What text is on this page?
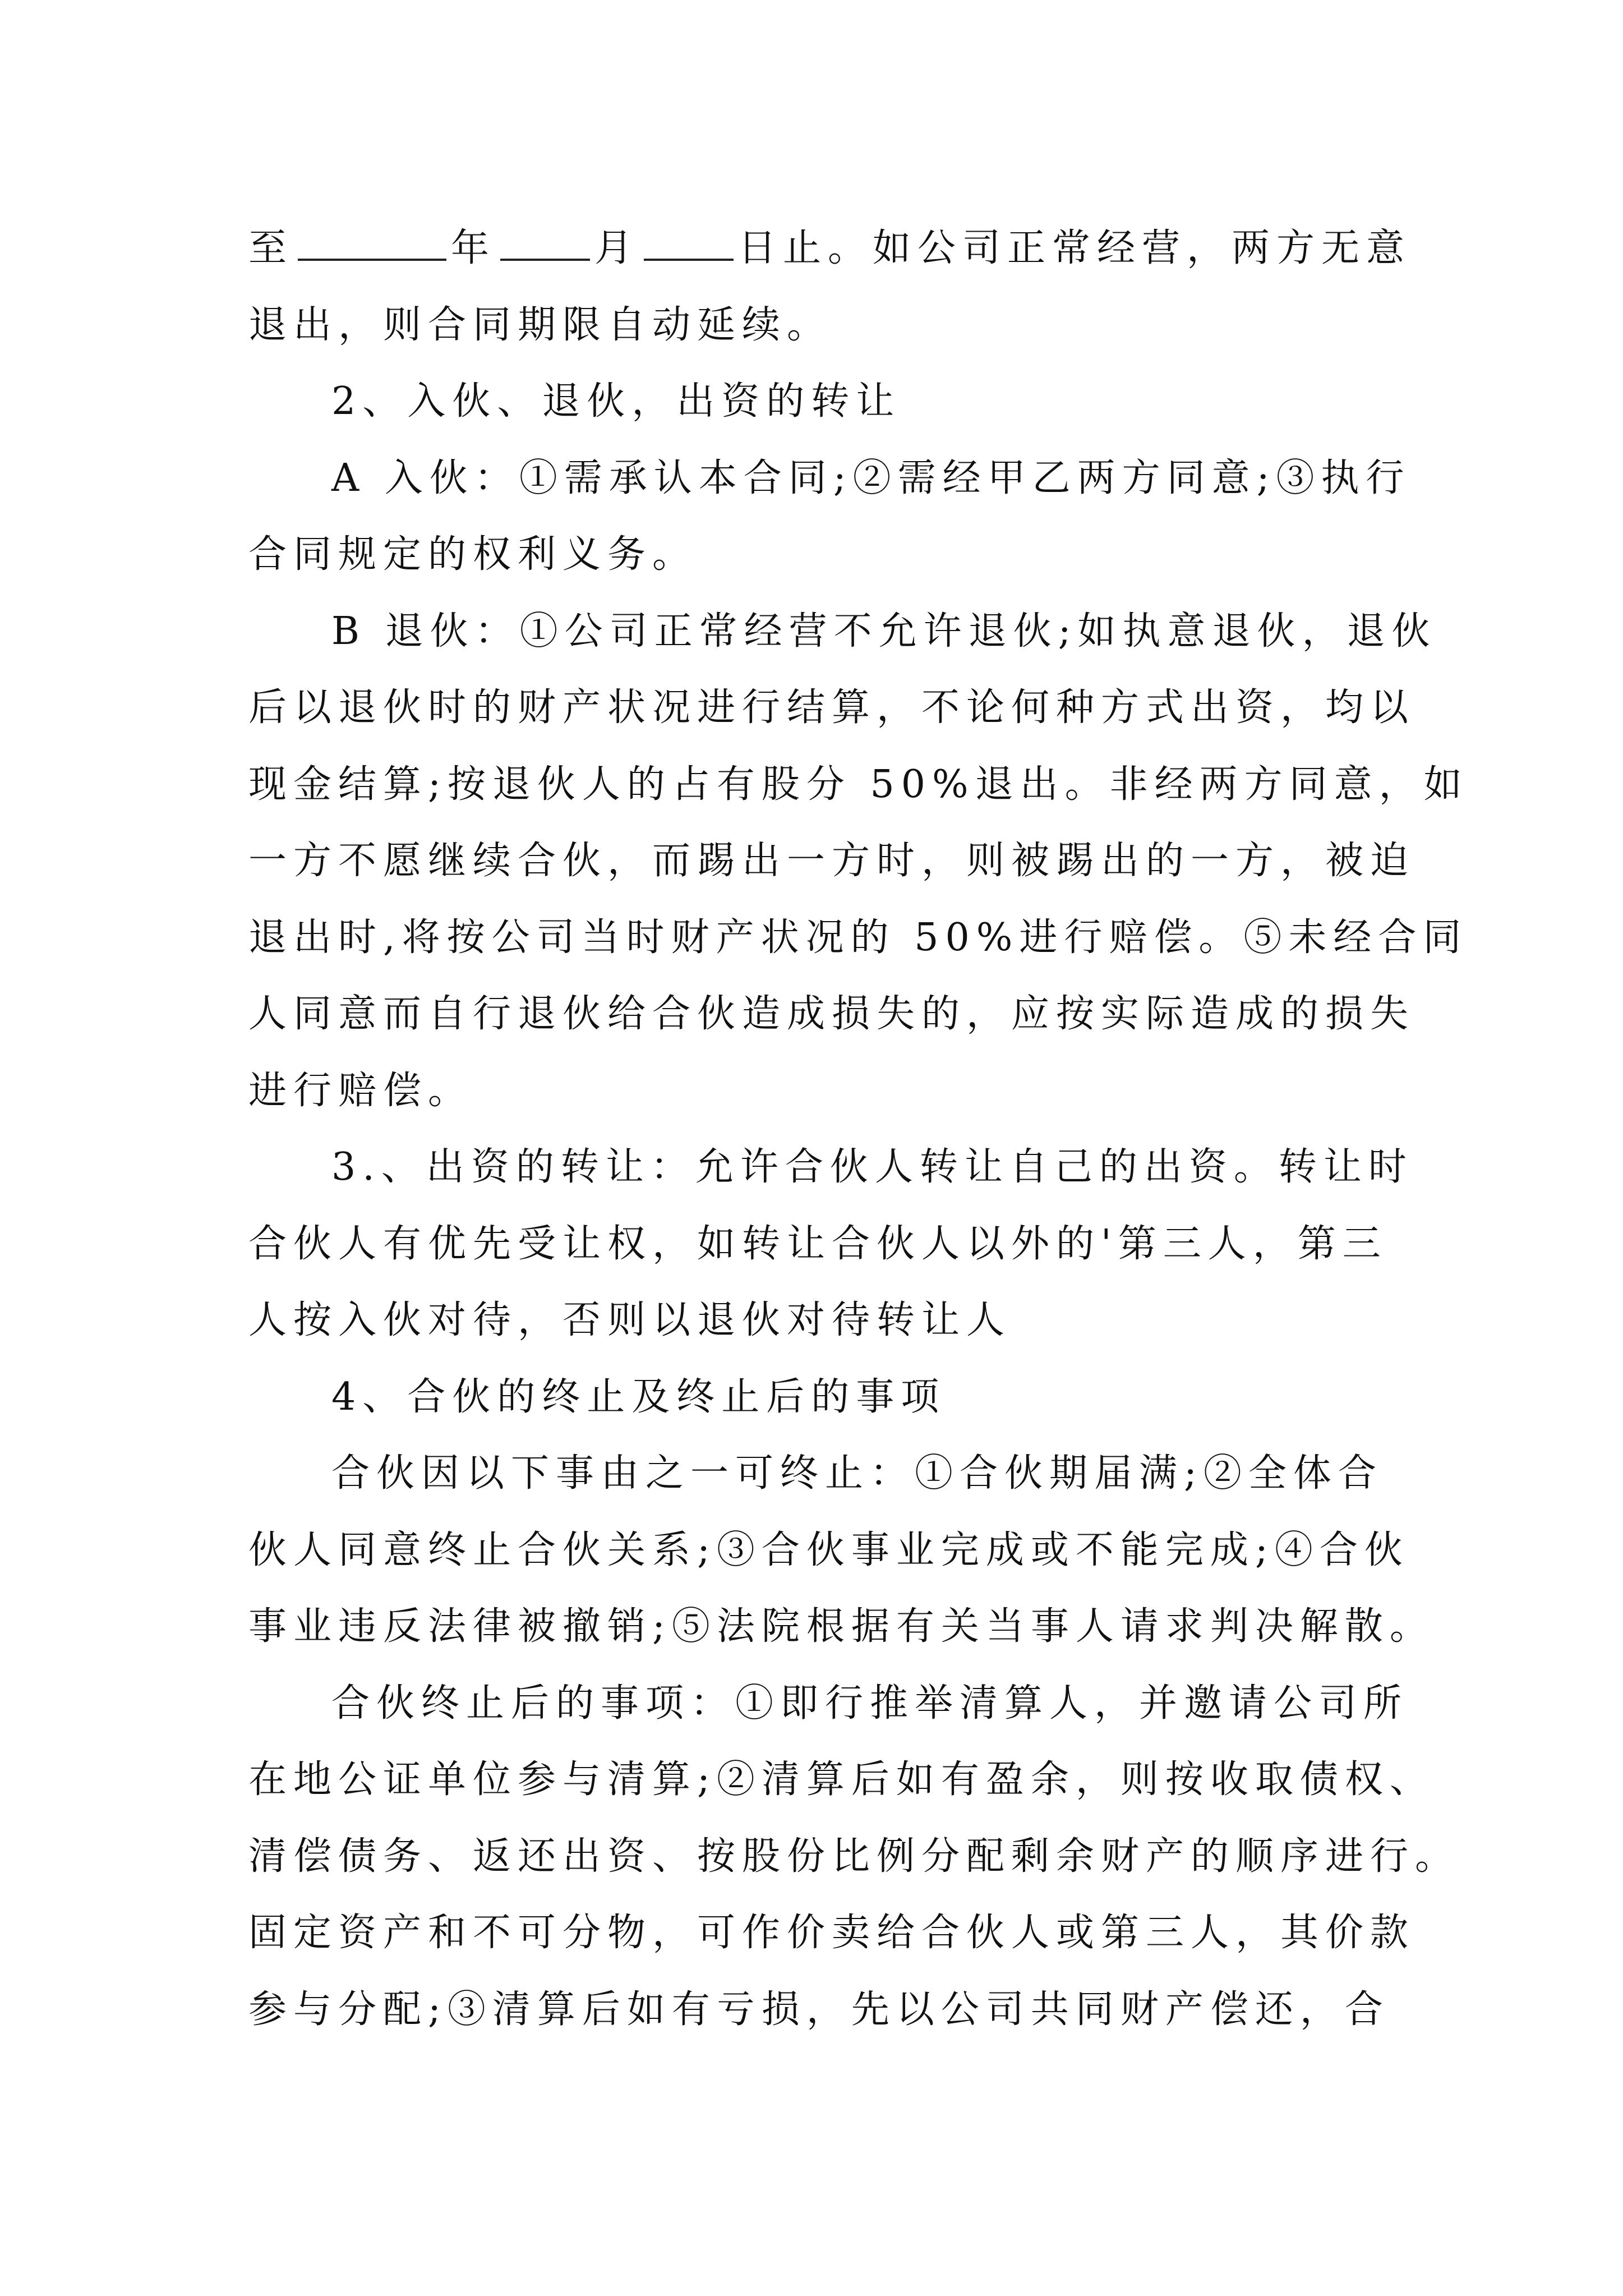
至	年	月	日止。如公司正常经营，两方无意
退出，则合同期限自动延续。
2、入伙、退伙，出资的转让
A 入伙：①需承认本合同;②需经甲乙两方同意;③执行
合同规定的权利义务。
B 退伙：①公司正常经营不允许退伙;如执意退伙，退伙
后以退伙时的财产状况进行结算，不论何种方式出资，均以
现金结算;按退伙人的占有股分 50%退出。非经两方同意，如
一方不愿继续合伙，而踢出一方时，则被踢出的一方，被迫
退出时,将按公司当时财产状况的 50%进行赔偿。⑤未经合同
人同意而自行退伙给合伙造成损失的，应按实际造成的损失
进行赔偿。
3.、出资的转让：允许合伙人转让自己的出资。转让时
合伙人有优先受让权，如转让合伙人以外的'第三人，第三
人按入伙对待，否则以退伙对待转让人
4、合伙的终止及终止后的事项
合伙因以下事由之一可终止：①合伙期届满;②全体合
伙人同意终止合伙关系;③合伙事业完成或不能完成;④合伙
事业违反法律被撤销;⑤法院根据有关当事人请求判决解散。
合伙终止后的事项：①即行推举清算人，并邀请公司所
在地公证单位参与清算;②清算后如有盈余，则按收取债权、
清偿债务、返还出资、按股份比例分配剩余财产的顺序进行。
固定资产和不可分物，可作价卖给合伙人或第三人，其价款
参与分配;③清算后如有亏损，先以公司共同财产偿还，合
